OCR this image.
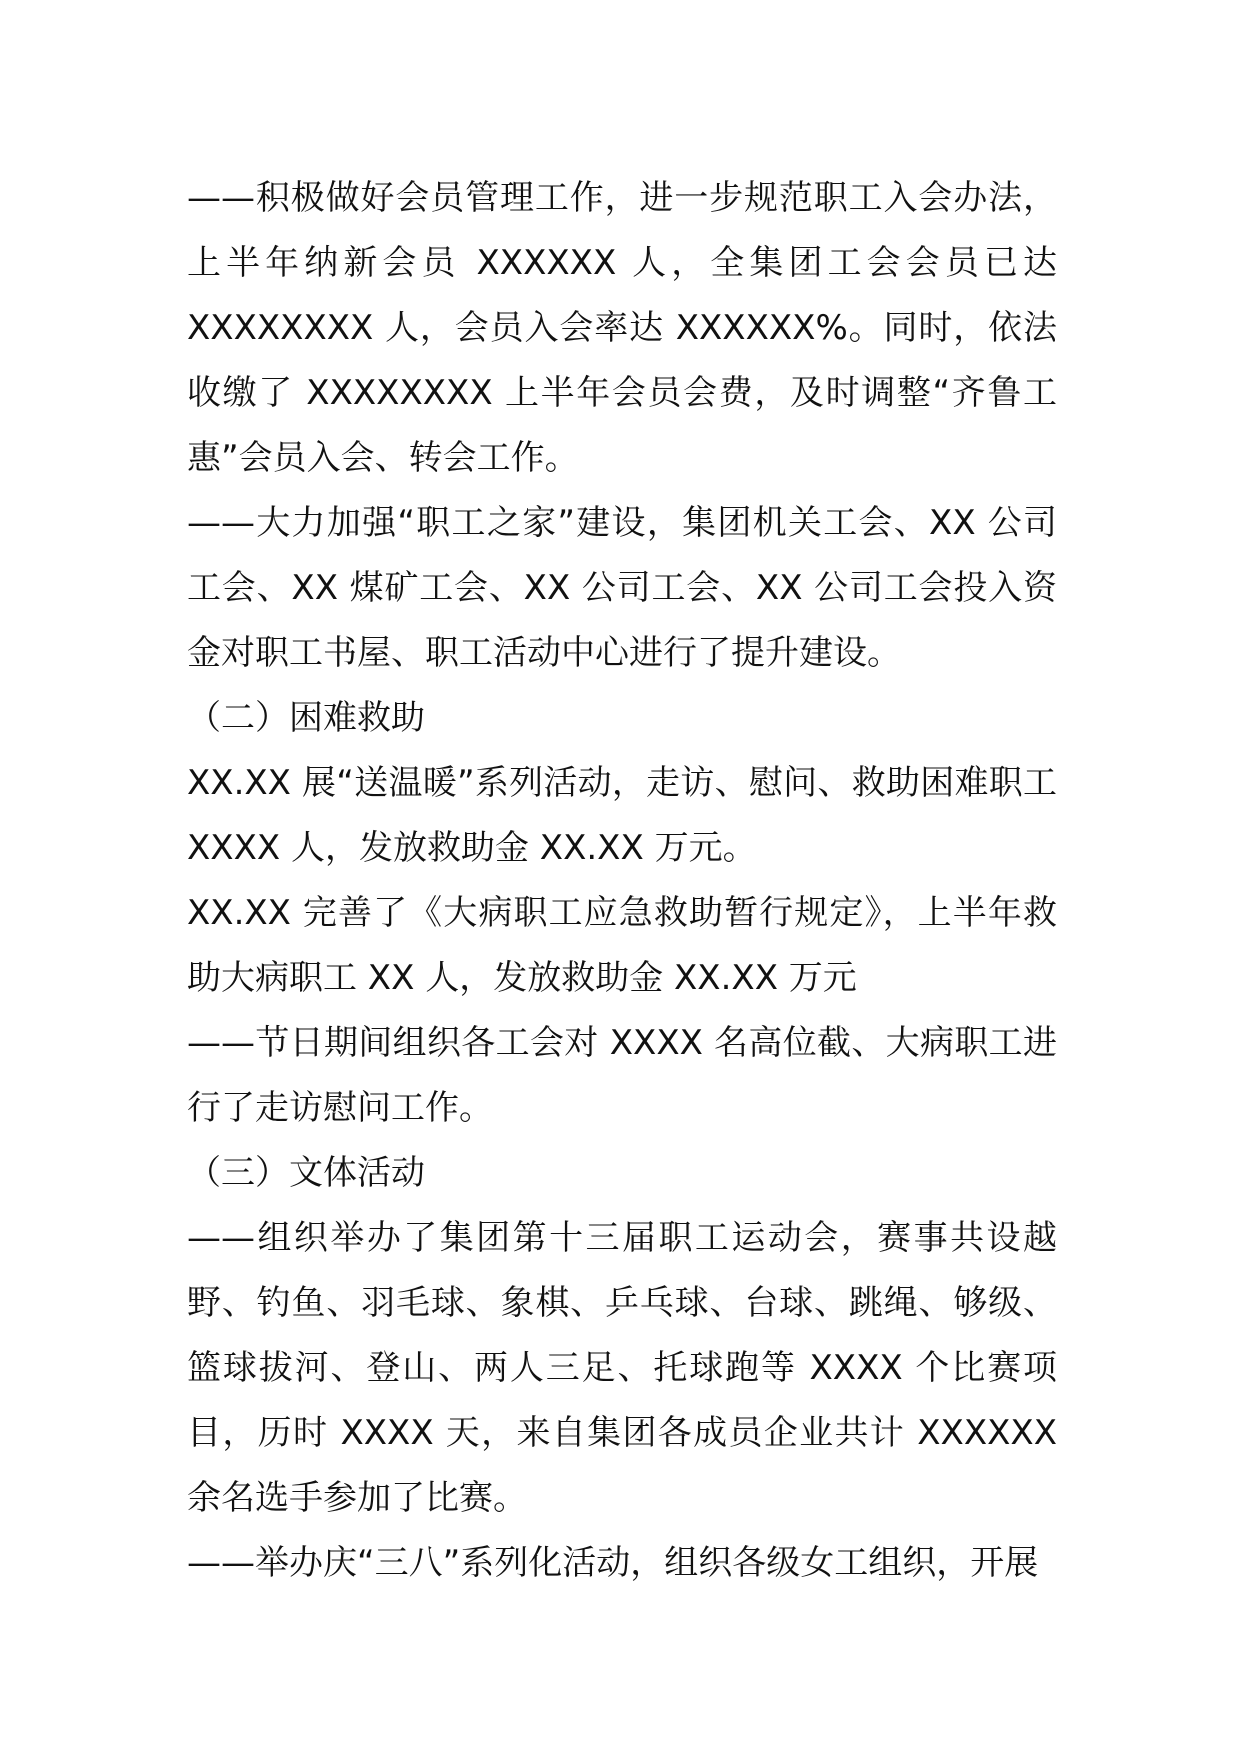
——积极做好会员管理工作，进一步规范职工入会办法，上半年纳新会员 XXXXXX 人，全集团工会会员已达 XXXXXXXX 人，会员入会率达 XXXXXX%。同时，依法收缴了 XXXXXXXX 上半年会员会费，及时调整“齐鲁工惠”会员入会、转会工作。

——大力加强“职工之家”建设，集团机关工会、XX 公司工会、XX 煤矿工会、XX 公司工会、XX 公司工会投入资金对职工书屋、职工活动中心进行了提升建设。

（二）困难救助

XX.XX 展“送温暖”系列活动，走访、慰问、救助困难职工 XXXX 人，发放救助金 XX.XX 万元。

XX.XX 完善了《大病职工应急救助暂行规定》，上半年救助大病职工 XX 人，发放救助金 XX.XX 万元

——节日期间组织各工会对 XXXX 名高位截、大病职工进行了走访慰问工作。

（三）文体活动

——组织举办了集团第十三届职工运动会，赛事共设越野、钓鱼、羽毛球、象棋、乒乓球、台球、跳绳、够级、篮球拔河、登山、两人三足、托球跑等 XXXX 个比赛项目，历时 XXXX 天，来自集团各成员企业共计 XXXXXX 余名选手参加了比赛。

——举办庆“三八”系列化活动，组织各级女工组织，开展
